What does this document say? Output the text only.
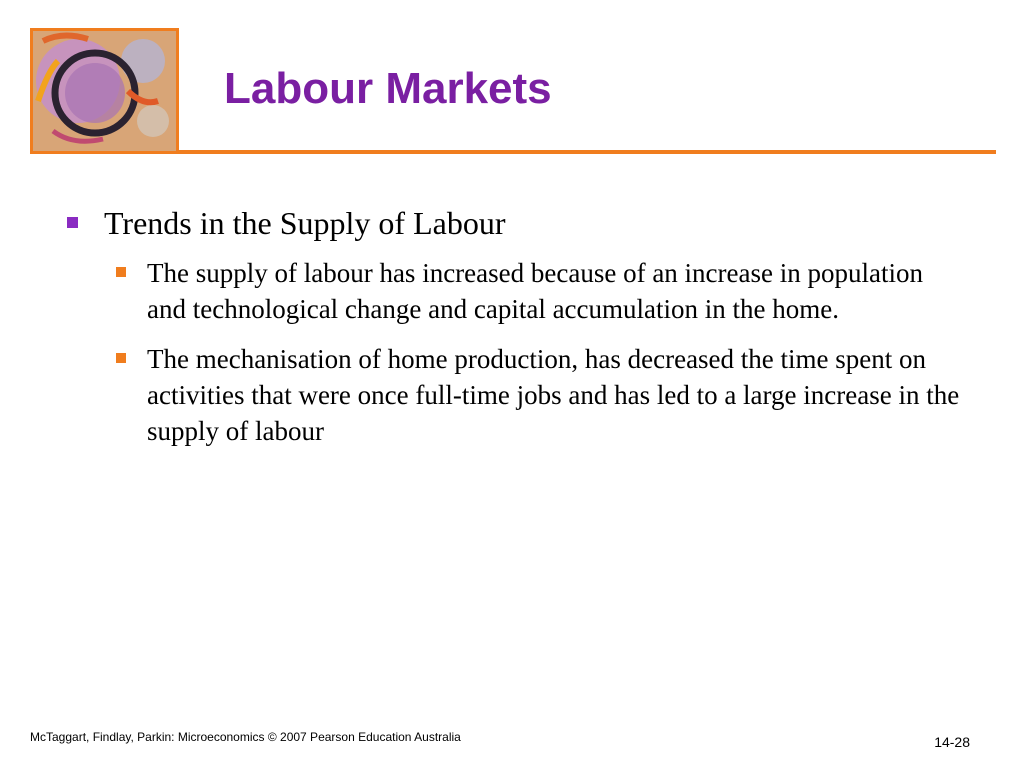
Labour Markets
Trends in the Supply of Labour
The supply of labour has increased because of an increase in population and technological change and capital accumulation in the home.
The mechanisation of home production, has decreased the time spent on activities that were once full-time jobs and has led to a large increase in the supply of labour
McTaggart, Findlay, Parkin: Microeconomics © 2007 Pearson Education Australia	14-28
